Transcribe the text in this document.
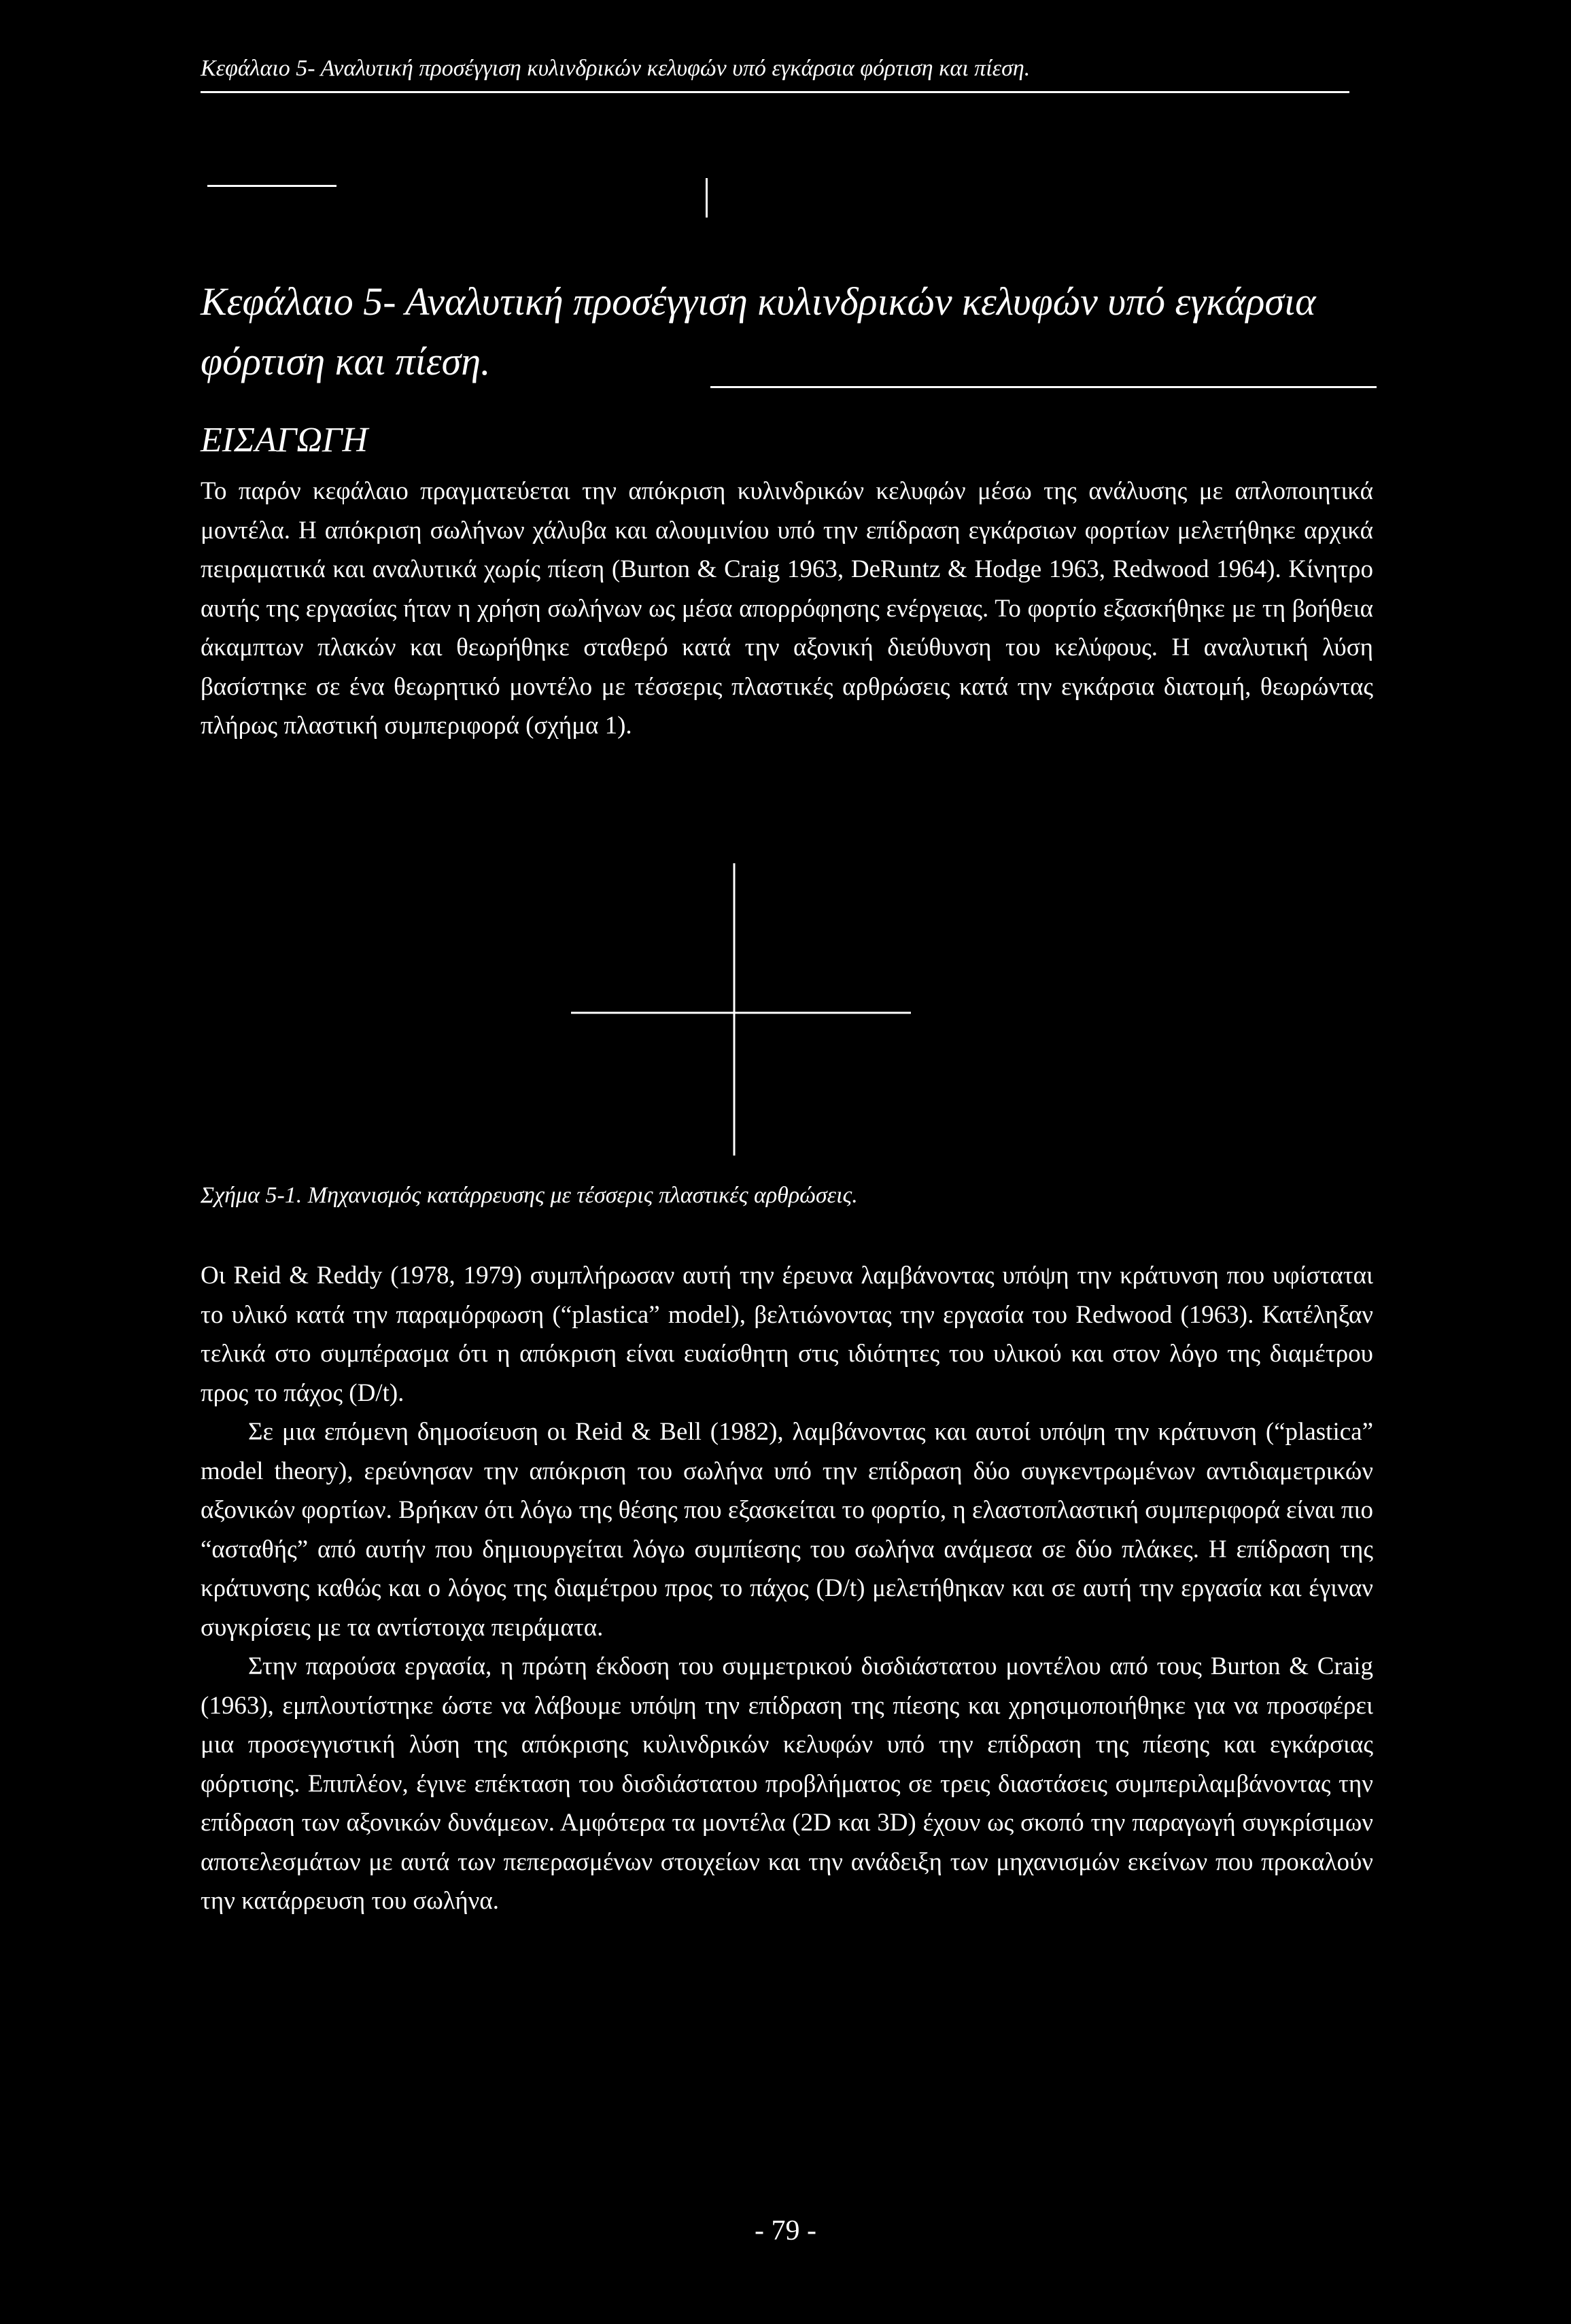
Κεφάλαιο 5- Αναλυτική προσέγγιση κυλινδρικών κελυφών υπό εγκάρσια φόρτιση και πίεση.
Κεφάλαιο 5- Αναλυτική προσέγγιση κυλινδρικών κελυφών υπό εγκάρσια φόρτιση και πίεση.
ΕΙΣΑΓΩΓΗ

Το παρόν κεφάλαιο πραγματεύεται την απόκριση κυλινδρικών κελυφών μέσω της ανάλυσης με απλοποιητικά μοντέλα. Η απόκριση σωλήνων χάλυβα και αλουμινίου υπό την επίδραση εγκάρσιων φορτίων μελετήθηκε αρχικά πειραματικά και αναλυτικά χωρίς πίεση (Burton & Craig 1963, DeRuntz & Hodge 1963, Redwood 1964). Κίνητρο αυτής της εργασίας ήταν η χρήση σωλήνων ως μέσα απορρόφησης ενέργειας. Το φορτίο εξασκήθηκε με τη βοήθεια άκαμπτων πλακών και θεωρήθηκε σταθερό κατά την αξονική διεύθυνση του κελύφους. Η αναλυτική λύση βασίστηκε σε ένα θεωρητικό μοντέλο με τέσσερις πλαστικές αρθρώσεις κατά την εγκάρσια διατομή, θεωρώντας πλήρως πλαστική συμπεριφορά (σχήμα 1).

Σχήμα 5-1. Μηχανισμός κατάρρευσης με τέσσερις πλαστικές αρθρώσεις.

Οι Reid & Reddy (1978, 1979) συμπλήρωσαν αυτή την έρευνα λαμβάνοντας υπόψη την κράτυνση που υφίσταται το υλικό κατά την παραμόρφωση (“plastica” model), βελτιώνοντας την εργασία του Redwood (1963). Κατέληξαν τελικά στο συμπέρασμα ότι η απόκριση είναι ευαίσθητη στις ιδιότητες του υλικού και στον λόγο της διαμέτρου προς το πάχος (D/t).

Σε μια επόμενη δημοσίευση οι Reid & Bell (1982), λαμβάνοντας και αυτοί υπόψη την κράτυνση (“plastica” model theory), ερεύνησαν την απόκριση του σωλήνα υπό την επίδραση δύο συγκεντρωμένων αντιδιαμετρικών αξονικών φορτίων. Βρήκαν ότι λόγω της θέσης που εξασκείται το φορτίο, η ελαστοπλαστική συμπεριφορά είναι πιο “ασταθής” από αυτήν που δημιουργείται λόγω συμπίεσης του σωλήνα ανάμεσα σε δύο πλάκες. Η επίδραση της κράτυνσης καθώς και ο λόγος της διαμέτρου προς το πάχος (D/t) μελετήθηκαν και σε αυτή την εργασία και έγιναν συγκρίσεις με τα αντίστοιχα πειράματα.

Στην παρούσα εργασία, η πρώτη έκδοση του συμμετρικού δισδιάστατου μοντέλου από τους Burton & Craig (1963), εμπλουτίστηκε ώστε να λάβουμε υπόψη την επίδραση της πίεσης και χρησιμοποιήθηκε για να προσφέρει μια προσεγγιστική λύση της απόκρισης κυλινδρικών κελυφών υπό την επίδραση της πίεσης και εγκάρσιας φόρτισης. Επιπλέον, έγινε επέκταση του δισδιάστατου προβλήματος σε τρεις διαστάσεις συμπεριλαμβάνοντας την επίδραση των αξονικών δυνάμεων. Αμφότερα τα μοντέλα (2D και 3D) έχουν ως σκοπό την παραγωγή συγκρίσιμων αποτελεσμάτων με αυτά των πεπερασμένων στοιχείων και την ανάδειξη των μηχανισμών εκείνων που προκαλούν την κατάρρευση του σωλήνα.

- 79 -
